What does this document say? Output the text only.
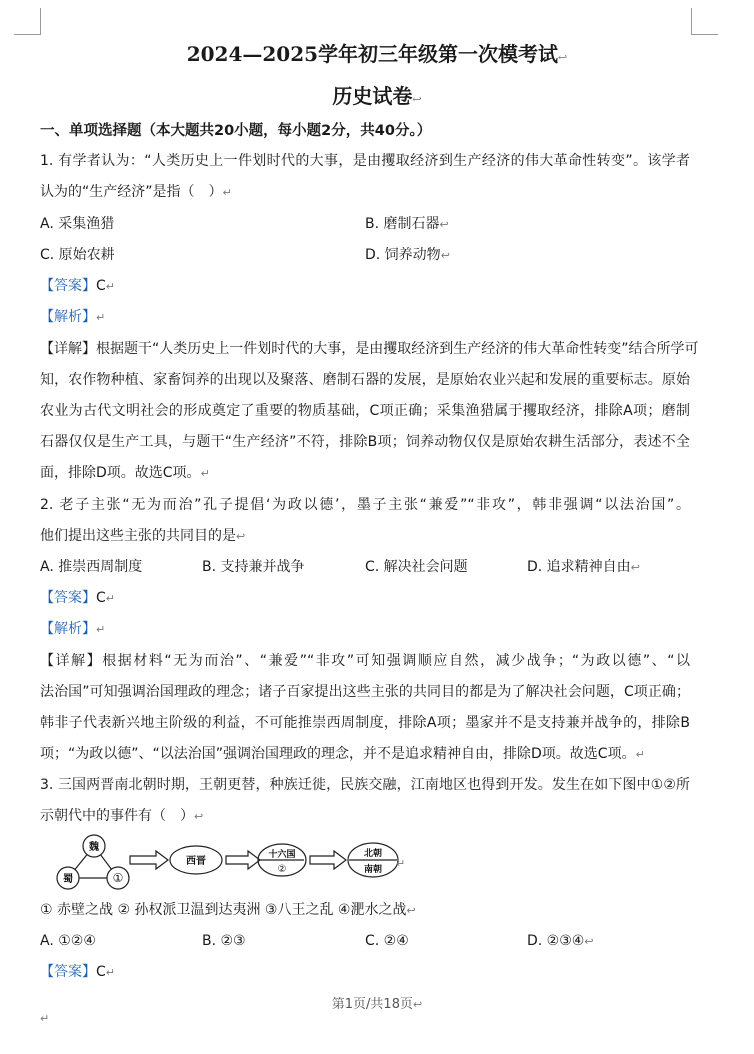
2024—2025学年初三年级第一次模考试↩
历史试卷↩
一、单项选择题（本大题共20小题，每小题2分，共40分。）
1. 有学者认为：“人类历史上一件划时代的大事，是由攫取经济到生产经济的伟大革命性转变”。该学者
认为的“生产经济”是指（　）↵
A. 采集渔猎	B. 磨制石器↩
C. 原始农耕	D. 饲养动物↩
【答案】C↵
【解析】↵
【详解】根据题干“人类历史上一件划时代的大事，是由攫取经济到生产经济的伟大革命性转变”结合所学可
知，农作物种植、家畜饲养的出现以及聚落、磨制石器的发展，是原始农业兴起和发展的重要标志。原始
农业为古代文明社会的形成奠定了重要的物质基础，C项正确；采集渔猎属于攫取经济，排除A项；磨制
石器仅仅是生产工具，与题干“生产经济”不符，排除B项；饲养动物仅仅是原始农耕生活部分，表述不全
面，排除D项。故选C项。↵
2. 老子主张“无为而治”孔子提倡‘为政以德’，墨子主张“兼爱”“非攻”，韩非强调“以法治国”。
他们提出这些主张的共同目的是↩
A. 推崇西周制度	B. 支持兼并战争	C. 解决社会问题	D. 追求精神自由↩
【答案】C↵
【解析】↵
【详解】根据材料“无为而治”、“兼爱”“非攻”可知强调顺应自然，减少战争；“为政以德”、“以
法治国”可知强调治国理政的理念；诸子百家提出这些主张的共同目的都是为了解决社会问题，C项正确；
韩非子代表新兴地主阶级的利益，不可能推崇西周制度，排除A项；墨家并不是支持兼并战争的，排除B
项；“为政以德”、“以法治国”强调治国理政的理念，并不是追求精神自由，排除D项。故选C项。↵
3. 三国两晋南北朝时期，王朝更替，种族迁徙，民族交融，江南地区也得到开发。发生在如下图中①②所
示朝代中的事件有（　）↩
魏
蜀	①
西晋
十六国
②
北朝
南朝 ↵
① 赤壁之战 ② 孙权派卫温到达夷洲 ③八王之乱 ④淝水之战↩
A. ①②④	B. ②③	C. ②④	D. ②③④↩
【答案】C↵
第1页/共18页↩
↵
